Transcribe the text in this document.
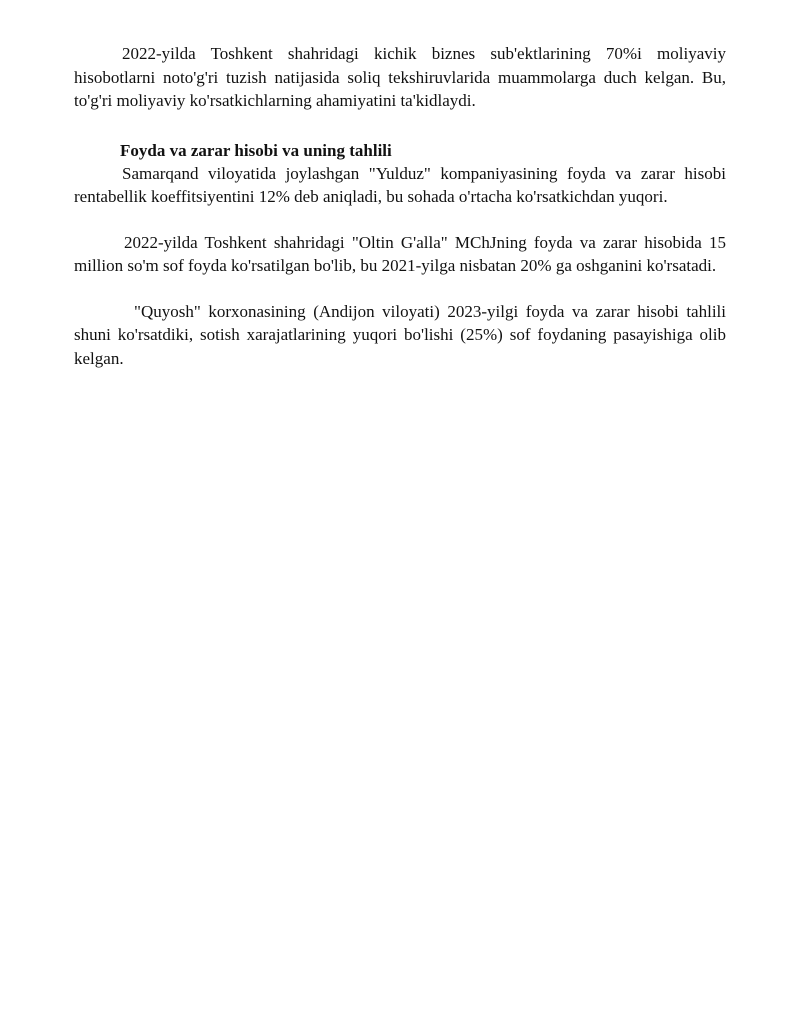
2022-yilda Toshkent shahridagi kichik biznes sub'ektlarining 70%i moliyaviy hisobotlarni noto'g'ri tuzish natijasida soliq tekshiruvlarida muammolarga duch kelgan. Bu, to'g'ri moliyaviy ko'rsatkichlarning ahamiyatini ta'kidlaydi.

Foyda va zarar hisobi va uning tahlili

Samarqand viloyatida joylashgan "Yulduz" kompaniyasining foyda va zarar hisobi rentabellik koeffitsiyentini 12% deb aniqladi, bu sohada o'rtacha ko'rsatkichdan yuqori.

2022-yilda Toshkent shahridagi "Oltin G'alla" MChJning foyda va zarar hisobida 15 million so'm sof foyda ko'rsatilgan bo'lib, bu 2021-yilga nisbatan 20% ga oshganini ko'rsatadi.

"Quyosh" korxonasining (Andijon viloyati) 2023-yilgi foyda va zarar hisobi tahlili shuni ko'rsatdiki, sotish xarajatlarining yuqori bo'lishi (25%) sof foydaning pasayishiga olib kelgan.
